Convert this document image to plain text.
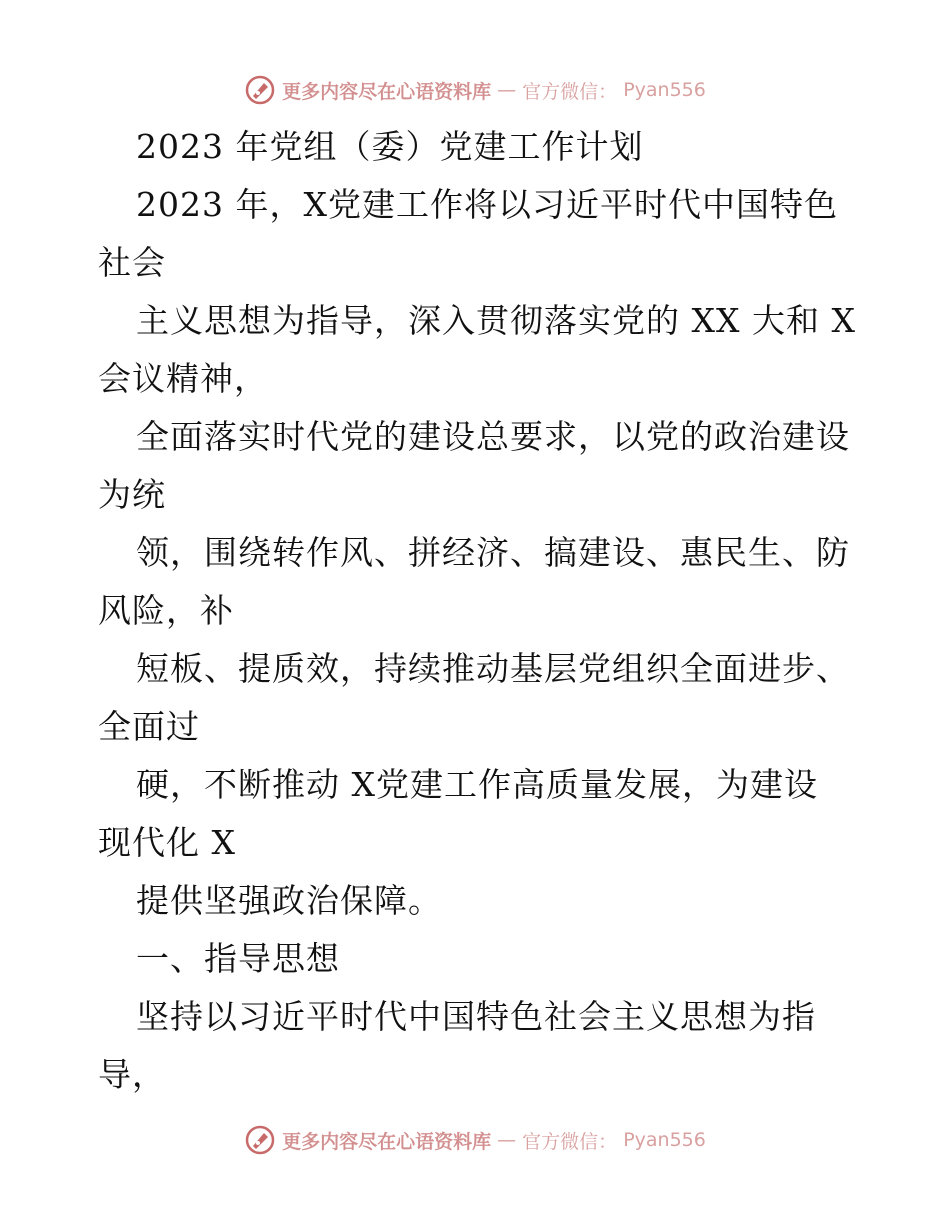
更多内容尽在心语资料库 — 官方微信： Pyan556
2023 年党组（委）党建工作计划
2023 年，X党建工作将以习近平时代中国特色
社会
主义思想为指导，深入贯彻落实党的 XX 大和 X
会议精神，
全面落实时代党的建设总要求，以党的政治建设
为统
领，围绕转作风、拼经济、搞建设、惠民生、防
风险，补
短板、提质效，持续推动基层党组织全面进步、
全面过
硬，不断推动 X党建工作高质量发展，为建设
现代化 X
提供坚强政治保障。
一、指导思想
坚持以习近平时代中国特色社会主义思想为指
导，
更多内容尽在心语资料库 — 官方微信： Pyan556
